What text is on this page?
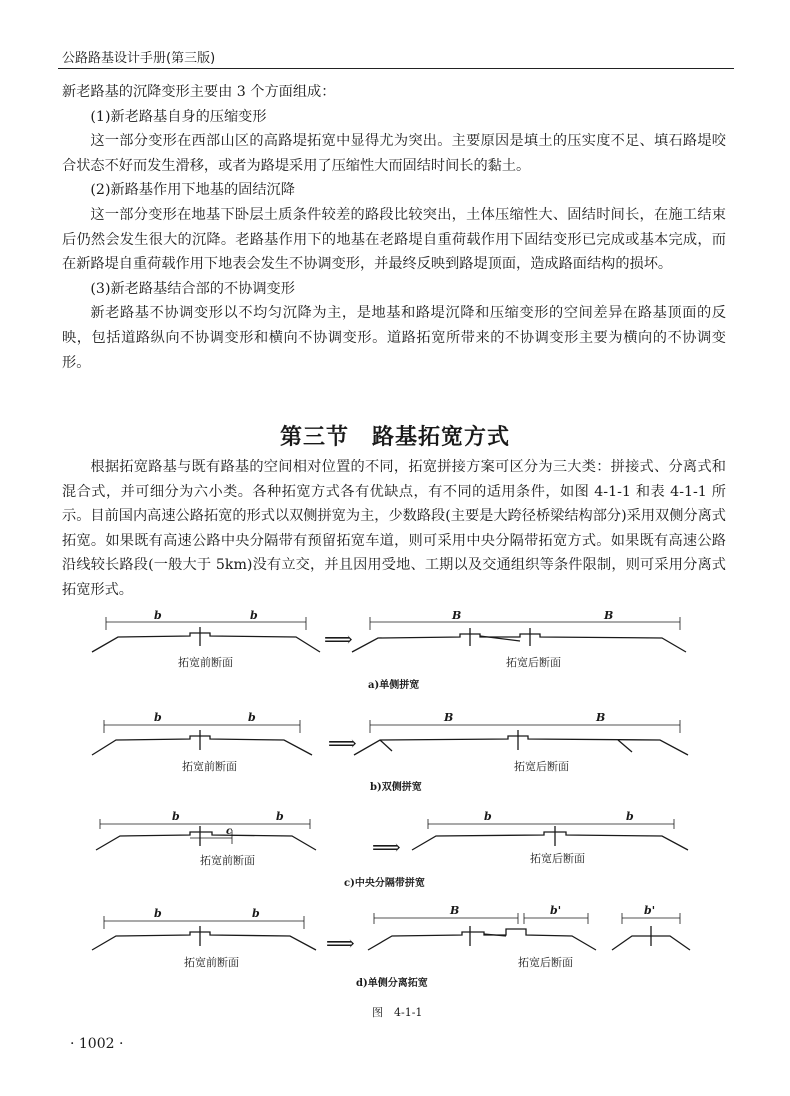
公路路基设计手册(第三版)

新老路基的沉降变形主要由 3 个方面组成：

(1)新老路基自身的压缩变形

这一部分变形在西部山区的高路堤拓宽中显得尤为突出。主要原因是填土的压实度不足、填石路堤咬合状态不好而发生滑移，或者为路堤采用了压缩性大而固结时间长的黏土。

(2)新路基作用下地基的固结沉降

这一部分变形在地基下卧层土质条件较差的路段比较突出，土体压缩性大、固结时间长，在施工结束后仍然会发生很大的沉降。老路基作用下的地基在老路堤自重荷载作用下固结变形已完成或基本完成，而在新路堤自重荷载作用下地表会发生不协调变形，并最终反映到路堤顶面，造成路面结构的损坏。

(3)新老路基结合部的不协调变形

新老路基不协调变形以不均匀沉降为主，是地基和路堤沉降和压缩变形的空间差异在路基顶面的反映，包括道路纵向不协调变形和横向不协调变形。道路拓宽所带来的不协调变形主要为横向的不协调变形。

第三节　路基拓宽方式

根据拓宽路基与既有路基的空间相对位置的不同，拓宽拼接方案可区分为三大类：拼接式、分离式和混合式，并可细分为六小类。各种拓宽方式各有优缺点，有不同的适用条件，如图 4-1-1 和表 4-1-1 所示。目前国内高速公路拓宽的形式以双侧拼宽为主，少数路段(主要是大跨径桥梁结构部分)采用双侧分离式拓宽。如果既有高速公路中央分隔带有预留拓宽车道，则可采用中央分隔带拓宽方式。如果既有高速公路沿线较长路段(一般大于 5km)没有立交，并且因用受地、工期以及交通组织等条件限制，则可采用分离式拓宽形式。

b	b
拓宽前断面
⟹
B	B
拓宽后断面
a)单侧拼宽
b	b
拓宽前断面
⟹
B	B
拓宽后断面
b)双侧拼宽
b	b
c
拓宽前断面
⟹
b	b
拓宽后断面
c)中央分隔带拼宽
b	b
拓宽前断面
⟹
B	b'
拓宽后断面
b'
d)单侧分离拓宽
图　4-1-1
· 1002 ·
